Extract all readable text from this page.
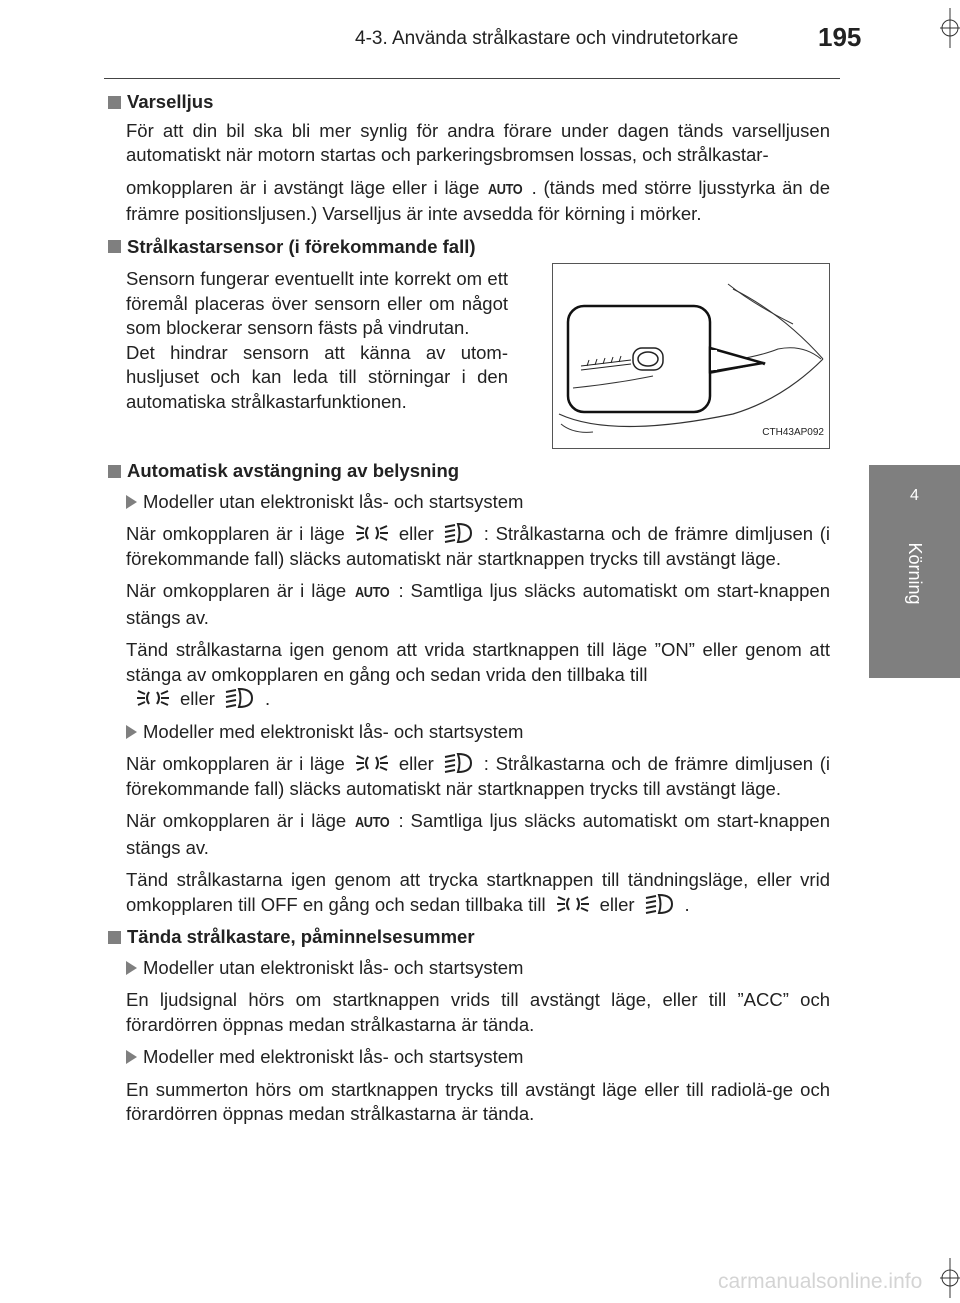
4-3. Använda strålkastare och vindrutetorkare	195
4
Körning
Varselljus
För att din bil ska bli mer synlig för andra förare under dagen tänds varselljusen automatiskt när motorn startas och parkeringsbromsen lossas, och strålkastar-
omkopplaren är i avstängt läge eller i läge AUTO . (tänds med större ljusstyrka än de främre positionsljusen.) Varselljus är inte avsedda för körning i mörker.
Strålkastarsensor (i förekommande fall)
Sensorn fungerar eventuellt inte korrekt om ett föremål placeras över sensorn eller om något som blockerar sensorn fästs på vindrutan.
Det hindrar sensorn att känna av utom-husljuset och kan leda till störningar i den automatiska strålkastarfunktionen.
CTH43AP092
Automatisk avstängning av belysning
Modeller utan elektroniskt lås- och startsystem
När omkopplaren är i läge	eller	: Strålkastarna och de främre dimljusen (i förekommande fall) släcks automatiskt när startknappen trycks till avstängt läge.
När omkopplaren är i läge AUTO : Samtliga ljus släcks automatiskt om start-knappen stängs av.
Tänd strålkastarna igen genom att vrida startknappen till läge ”ON” eller genom att stänga av omkopplaren en gång och sedan vrida den tillbaka till
eller	.
Modeller med elektroniskt lås- och startsystem
När omkopplaren är i läge	eller	: Strålkastarna och de främre dimljusen (i förekommande fall) släcks automatiskt när startknappen trycks till avstängt läge.
När omkopplaren är i läge AUTO : Samtliga ljus släcks automatiskt om start-knappen stängs av.
Tänd strålkastarna igen genom att trycka startknappen till tändningsläge, eller vrid omkopplaren till OFF en gång och sedan tillbaka till	eller	.
Tända strålkastare, påminnelsesummer
Modeller utan elektroniskt lås- och startsystem
En ljudsignal hörs om startknappen vrids till avstängt läge, eller till ”ACC” och förardörren öppnas medan strålkastarna är tända.
Modeller med elektroniskt lås- och startsystem
En summerton hörs om startknappen trycks till avstängt läge eller till radiolä-ge och förardörren öppnas medan strålkastarna är tända.
carmanualsonline.info
